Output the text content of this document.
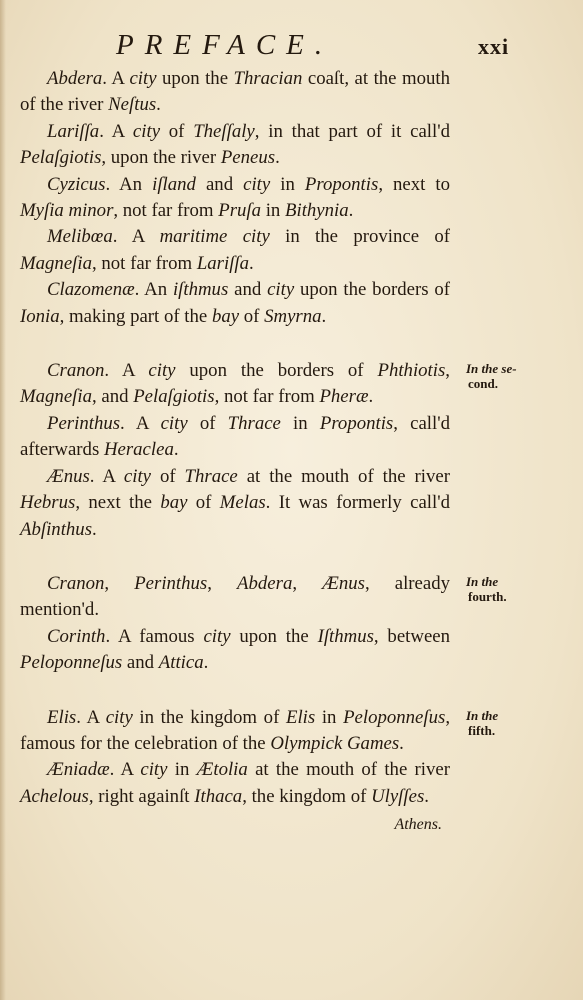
PREFACE.	xxi

Abdera. A city upon the Thracian coaſt, at the mouth of the river Neſtus.

Lariſſa. A city of Theſſaly, in that part of it call'd Pelaſgiotis, upon the river Peneus.

Cyzicus. An iſland and city in Propontis, next to Myſia minor, not far from Pruſa in Bithynia.

Melibœa. A maritime city in the province of Magneſia, not far from Lariſſa.

Clazomenæ. An iſthmus and city upon the borders of Ionia, making part of the bay of Smyrna.

Cranon. A city upon the borders of Phthiotis, Magneſia, and Pelaſgiotis, not far from Pheræ.

Perinthus. A city of Thrace in Propontis, call'd afterwards Heraclea.

Ænus. A city of Thrace at the mouth of the river Hebrus, next the bay of Melas. It was formerly call'd Abſinthus.

Cranon, Perinthus, Abdera, Ænus, already mention'd.

Corinth. A famous city upon the Iſthmus, between Peloponneſus and Attica.

Elis. A city in the kingdom of Elis in Peloponneſus, famous for the celebration of the Olympick Games.

Æniadæ. A city in Ætolia at the mouth of the river Achelous, right againſt Ithaca, the kingdom of Ulyſſes.

Athens.
In the se-
cond.
In the
fourth.
In the
fifth.
